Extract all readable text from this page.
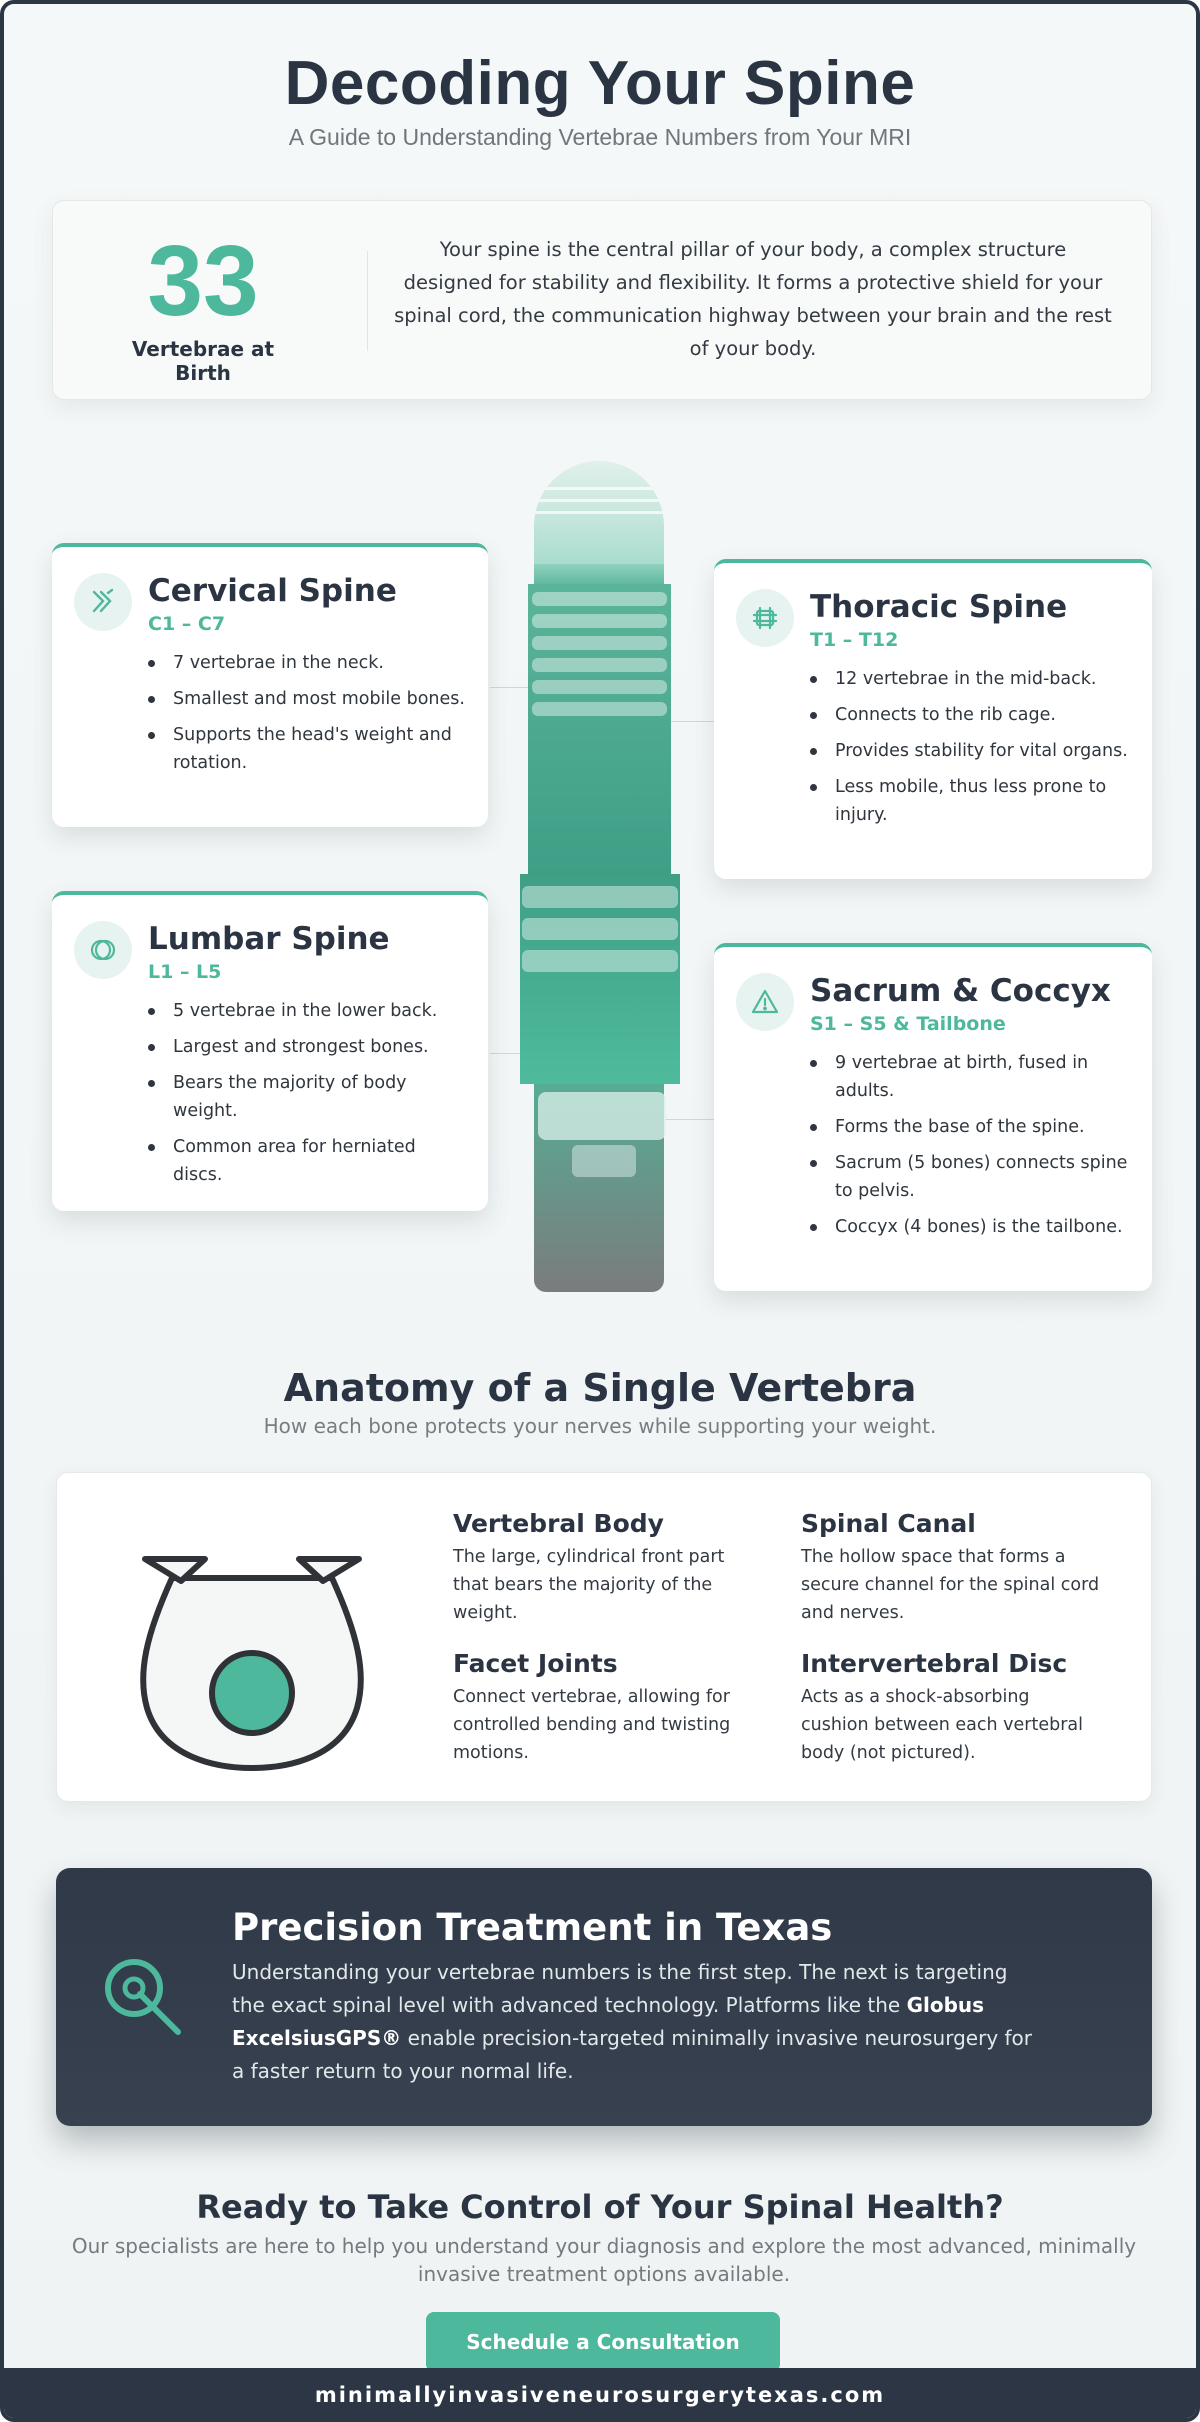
Decoding Your Spine
A Guide to Understanding Vertebrae Numbers from Your MRI
33
Vertebrae at Birth
Your spine is the central pillar of your body, a complex structure designed for stability and flexibility. It forms a protective shield for your spinal cord, the communication highway between your brain and the rest of your body.
Cervical Spine
C1 – C7
7 vertebrae in the neck.
Smallest and most mobile bones.
Supports the head's weight and rotation.
Thoracic Spine
T1 – T12
12 vertebrae in the mid-back.
Connects to the rib cage.
Provides stability for vital organs.
Less mobile, thus less prone to injury.
Lumbar Spine
L1 – L5
5 vertebrae in the lower back.
Largest and strongest bones.
Bears the majority of body weight.
Common area for herniated discs.
Sacrum & Coccyx
S1 – S5 & Tailbone
9 vertebrae at birth, fused in adults.
Forms the base of the spine.
Sacrum (5 bones) connects spine to pelvis.
Coccyx (4 bones) is the tailbone.
Anatomy of a Single Vertebra
How each bone protects your nerves while supporting your weight.
Vertebral Body
The large, cylindrical front part that bears the majority of the weight.
Spinal Canal
The hollow space that forms a secure channel for the spinal cord and nerves.
Facet Joints
Connect vertebrae, allowing for controlled bending and twisting motions.
Intervertebral Disc
Acts as a shock-absorbing cushion between each vertebral body (not pictured).
Precision Treatment in Texas
Understanding your vertebrae numbers is the first step. The next is targeting the exact spinal level with advanced technology. Platforms like the Globus ExcelsiusGPS® enable precision-targeted minimally invasive neurosurgery for a faster return to your normal life.
Ready to Take Control of Your Spinal Health?
Our specialists are here to help you understand your diagnosis and explore the most advanced, minimally invasive treatment options available.
Schedule a Consultation
minimallyinvasiveneurosurgerytexas.com
